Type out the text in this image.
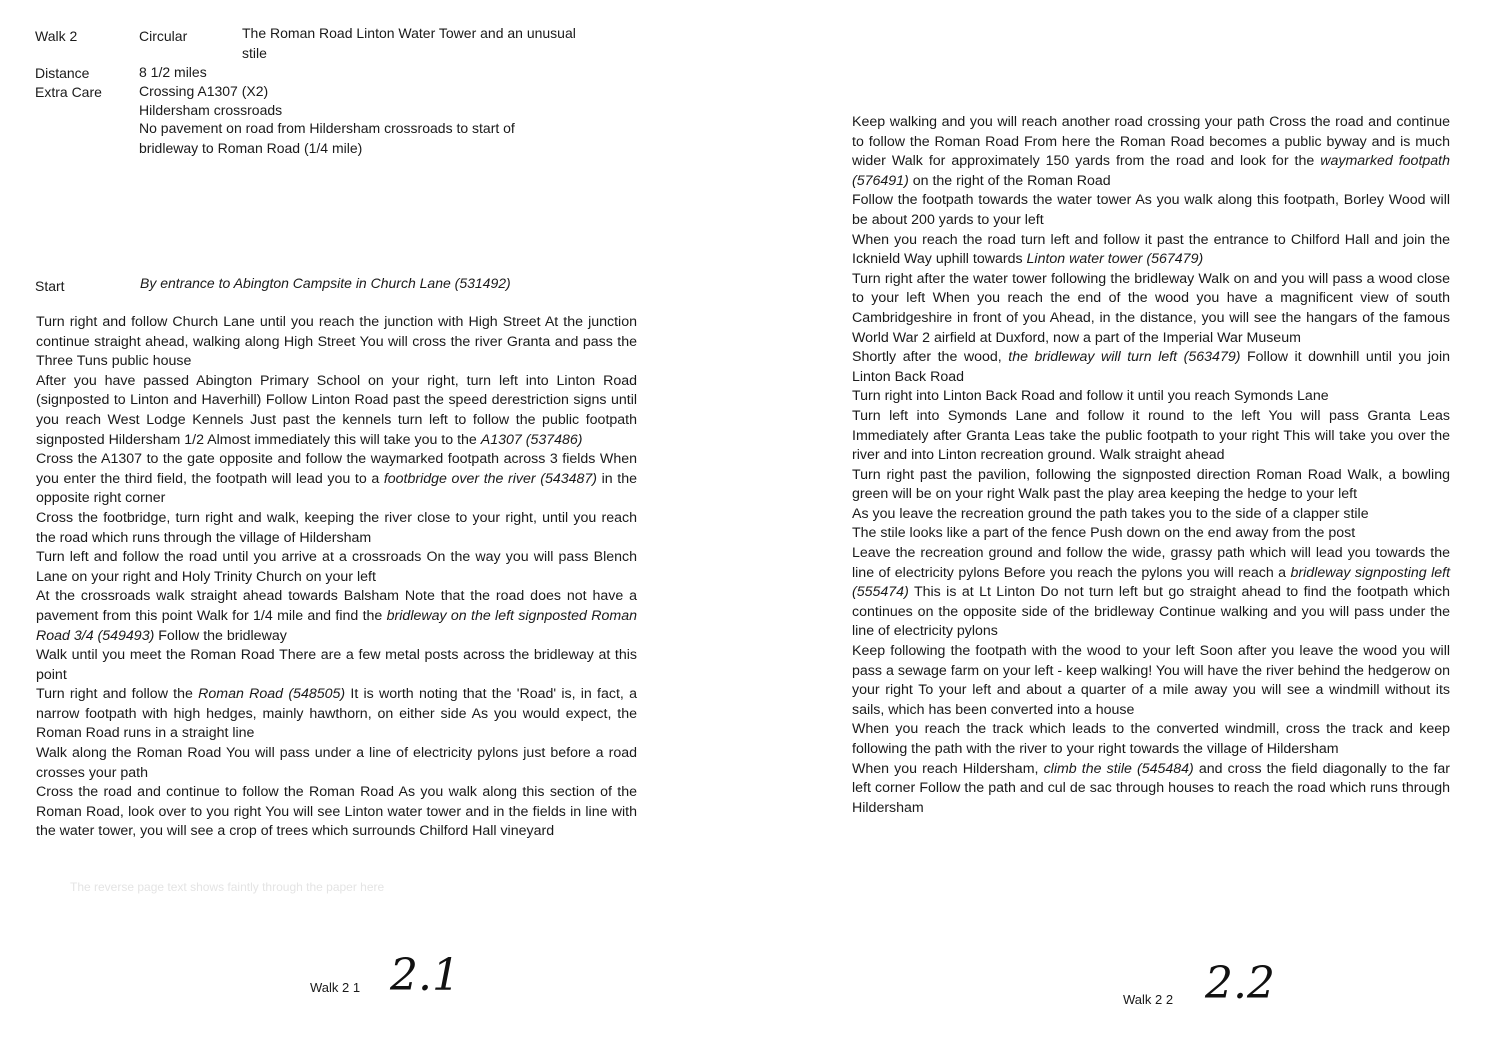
The reverse page text shows faintly through the paper here
Walk 2	Circular	The Roman Road Linton Water Tower and an unusual
stile
Distance	8 1/2 miles
Extra Care	Crossing A1307 (X2)
Hildersham crossroads
No pavement on road from Hildersham crossroads to start of
bridleway to Roman Road (1/4 mile)
Start	By entrance to Abington Campsite in Church Lane (531492)

Turn right and follow Church Lane until you reach the junction with High Street At the junction continue straight ahead, walking along High Street You will cross the river Granta and pass the Three Tuns public house

After you have passed Abington Primary School on your right, turn left into Linton Road (signposted to Linton and Haverhill) Follow Linton Road past the speed derestriction signs until you reach West Lodge Kennels Just past the kennels turn left to follow the public footpath signposted Hildersham 1/2 Almost immediately this will take you to the A1307 (537486)

Cross the A1307 to the gate opposite and follow the waymarked footpath across 3 fields When you enter the third field, the footpath will lead you to a footbridge over the river (543487) in the opposite right corner

Cross the footbridge, turn right and walk, keeping the river close to your right, until you reach the road which runs through the village of Hildersham

Turn left and follow the road until you arrive at a crossroads On the way you will pass Blench Lane on your right and Holy Trinity Church on your left

At the crossroads walk straight ahead towards Balsham Note that the road does not have a pavement from this point Walk for 1/4 mile and find the bridleway on the left signposted Roman Road 3/4 (549493) Follow the bridleway

Walk until you meet the Roman Road There are a few metal posts across the bridleway at this point

Turn right and follow the Roman Road (548505) It is worth noting that the 'Road' is, in fact, a narrow footpath with high hedges, mainly hawthorn, on either side As you would expect, the Roman Road runs in a straight line

Walk along the Roman Road You will pass under a line of electricity pylons just before a road crosses your path

Cross the road and continue to follow the Roman Road As you walk along this section of the Roman Road, look over to you right You will see Linton water tower and in the fields in line with the water tower, you will see a crop of trees which surrounds Chilford Hall vineyard

Walk 2 1 2.1

Keep walking and you will reach another road crossing your path Cross the road and continue to follow the Roman Road From here the Roman Road becomes a public byway and is much wider Walk for approximately 150 yards from the road and look for the waymarked footpath (576491) on the right of the Roman Road

Follow the footpath towards the water tower As you walk along this footpath, Borley Wood will be about 200 yards to your left

When you reach the road turn left and follow it past the entrance to Chilford Hall and join the Icknield Way uphill towards Linton water tower (567479)

Turn right after the water tower following the bridleway Walk on and you will pass a wood close to your left When you reach the end of the wood you have a magnificent view of south Cambridgeshire in front of you Ahead, in the distance, you will see the hangars of the famous World War 2 airfield at Duxford, now a part of the Imperial War Museum

Shortly after the wood, the bridleway will turn left (563479) Follow it downhill until you join Linton Back Road

Turn right into Linton Back Road and follow it until you reach Symonds Lane

Turn left into Symonds Lane and follow it round to the left You will pass Granta Leas Immediately after Granta Leas take the public footpath to your right This will take you over the river and into Linton recreation ground. Walk straight ahead

Turn right past the pavilion, following the signposted direction Roman Road Walk, a bowling green will be on your right Walk past the play area keeping the hedge to your left

As you leave the recreation ground the path takes you to the side of a clapper stile

The stile looks like a part of the fence Push down on the end away from the post

Leave the recreation ground and follow the wide, grassy path which will lead you towards the line of electricity pylons Before you reach the pylons you will reach a bridleway signposting left (555474) This is at Lt Linton Do not turn left but go straight ahead to find the footpath which continues on the opposite side of the bridleway Continue walking and you will pass under the line of electricity pylons

Keep following the footpath with the wood to your left Soon after you leave the wood you will pass a sewage farm on your left - keep walking! You will have the river behind the hedgerow on your right To your left and about a quarter of a mile away you will see a windmill without its sails, which has been converted into a house

When you reach the track which leads to the converted windmill, cross the track and keep following the path with the river to your right towards the village of Hildersham

When you reach Hildersham, climb the stile (545484) and cross the field diagonally to the far left corner Follow the path and cul de sac through houses to reach the road which runs through Hildersham

Walk 2 2 2.2
